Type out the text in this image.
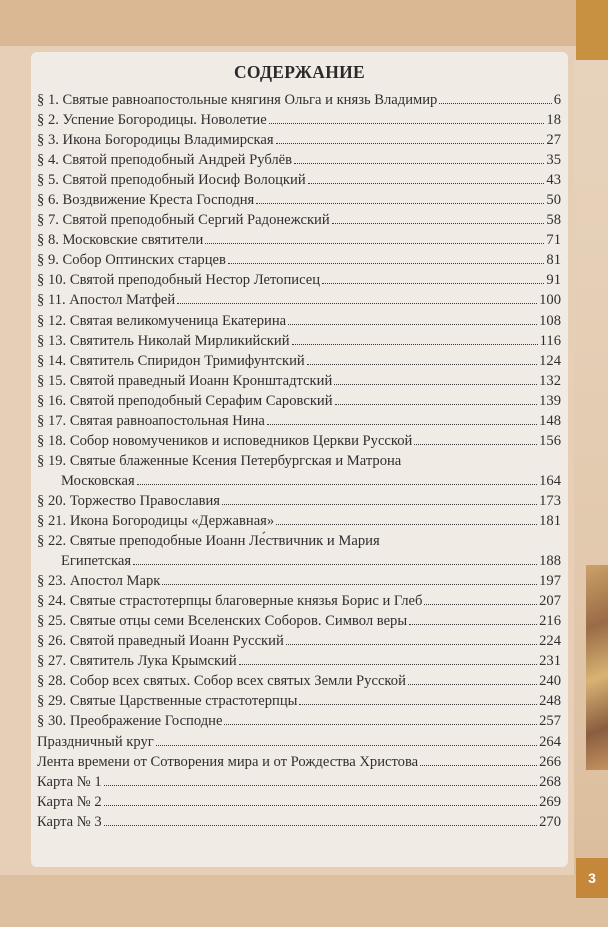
3
СОДЕРЖАНИЕ
§ 1. Святые равноапостольные княгиня Ольга и князь Владимир	6
§ 2. Успение Богородицы. Новолетие	18
§ 3. Икона Богородицы Владимирская	27
§ 4. Святой преподобный Андрей Рублёв	35
§ 5. Святой преподобный Иосиф Волоцкий	43
§ 6. Воздвижение Креста Господня	50
§ 7. Святой преподобный Сергий Радонежский	58
§ 8. Московские святители	71
§ 9. Собор Оптинских старцев	81
§ 10. Святой преподобный Нестор Летописец	91
§ 11. Апостол Матфей	100
§ 12. Святая великомученица Екатерина	108
§ 13. Святитель Николай Мирликийский	116
§ 14. Святитель Спиридон Тримифунтский	124
§ 15. Святой праведный Иоанн Кронштадтский	132
§ 16. Святой преподобный Серафим Саровский	139
§ 17. Святая равноапостольная Нина	148
§ 18. Собор новомучеников и исповедников Церкви Русской	156
§ 19. Святые блаженные Ксения Петербургская и Матрона
Московская	164
§ 20. Торжество Православия	173
§ 21. Икона Богородицы «Державная»	181
§ 22. Святые преподобные Иоанн Ле́ствичник и Мария
Египетская	188
§ 23. Апостол Марк	197
§ 24. Святые страстотерпцы благоверные князья Борис и Глеб	207
§ 25. Святые отцы семи Вселенских Соборов. Символ веры	216
§ 26. Святой праведный Иоанн Русский	224
§ 27. Святитель Лука Крымский	231
§ 28. Собор всех святых. Собор всех святых Земли Русской	240
§ 29. Святые Царственные страстотерпцы	248
§ 30. Преображение Господне	257
Праздничный круг	264
Лента времени от Сотворения мира и от Рождества Христова	266
Карта № 1	268
Карта № 2	269
Карта № 3	270
